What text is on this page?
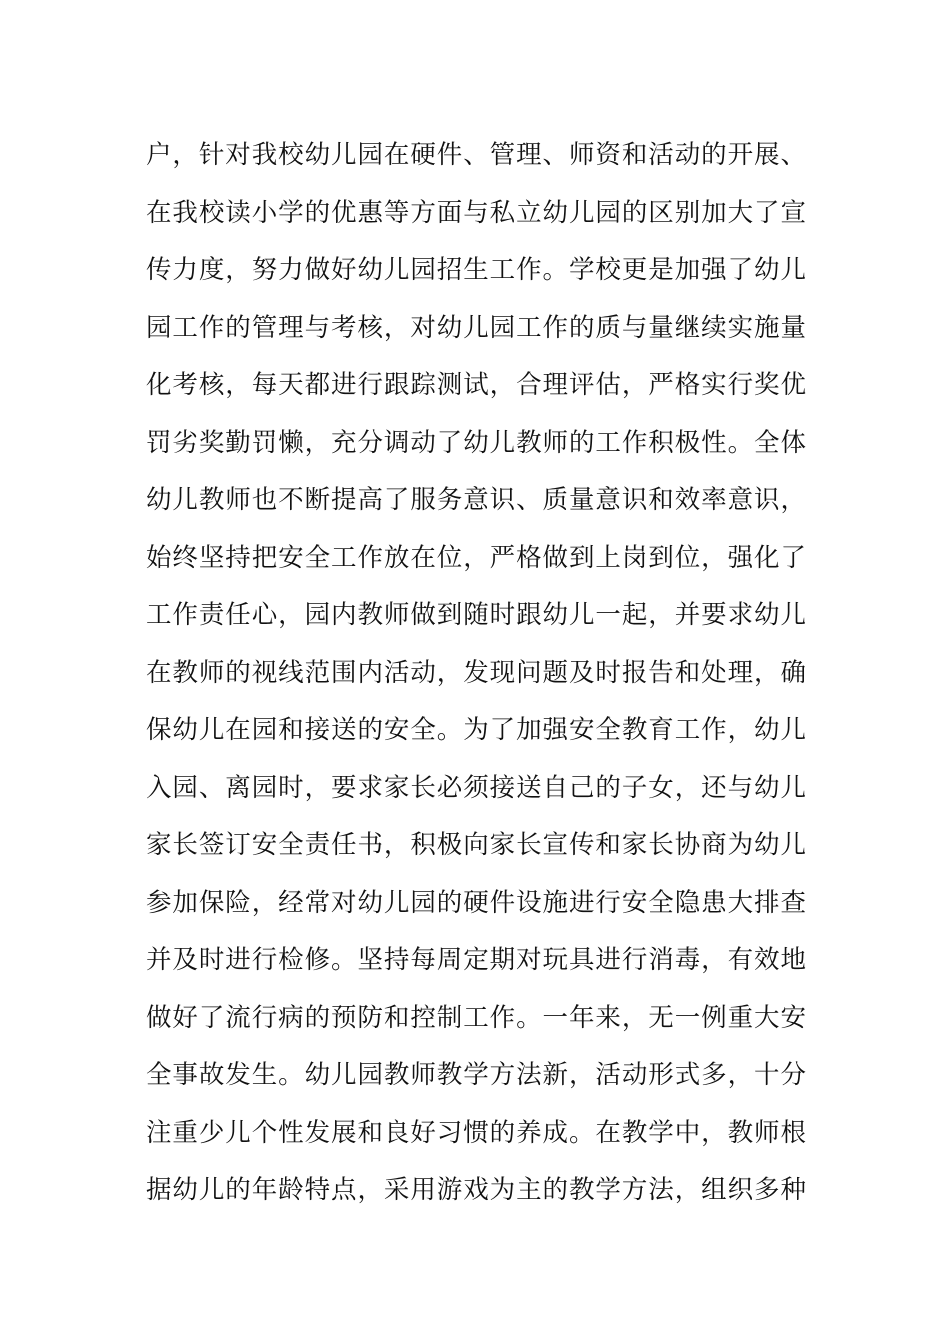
户，针对我校幼儿园在硬件、管理、师资和活动的开展、
在我校读小学的优惠等方面与私立幼儿园的区别加大了宣
传力度，努力做好幼儿园招生工作。学校更是加强了幼儿
园工作的管理与考核，对幼儿园工作的质与量继续实施量
化考核，每天都进行跟踪测试，合理评估，严格实行奖优
罚劣奖勤罚懒，充分调动了幼儿教师的工作积极性。全体
幼儿教师也不断提高了服务意识、质量意识和效率意识，
始终坚持把安全工作放在位，严格做到上岗到位，强化了
工作责任心，园内教师做到随时跟幼儿一起，并要求幼儿
在教师的视线范围内活动，发现问题及时报告和处理，确
保幼儿在园和接送的安全。为了加强安全教育工作，幼儿
入园、离园时，要求家长必须接送自己的子女，还与幼儿
家长签订安全责任书，积极向家长宣传和家长协商为幼儿
参加保险，经常对幼儿园的硬件设施进行安全隐患大排查
并及时进行检修。坚持每周定期对玩具进行消毒，有效地
做好了流行病的预防和控制工作。一年来，无一例重大安
全事故发生。幼儿园教师教学方法新，活动形式多，十分
注重少儿个性发展和良好习惯的养成。在教学中，教师根
据幼儿的年龄特点，采用游戏为主的教学方法，组织多种
